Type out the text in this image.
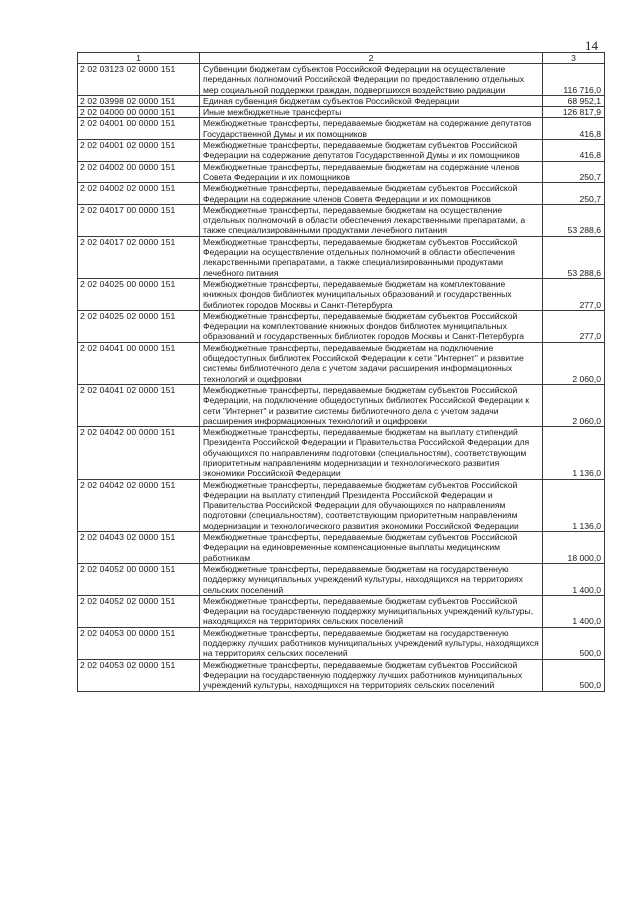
14
1	2	3
2 02 03123 02 0000 151	Субвенции бюджетам субъектов Российской Федерации на осуществление переданных полномочий Российской Федерации по предоставлению отдельных мер социальной поддержки граждан, подвергшихся воздействию радиации	116 716,0
2 02 03998 02 0000 151	Единая субвенция бюджетам субъектов Российской Федерации	68 952,1
2 02 04000 00 0000 151	Иные межбюджетные трансферты	126 817,9
2 02 04001 00 0000 151	Межбюджетные трансферты, передаваемые бюджетам на содержание депутатов Государственной Думы и их помощников	416,8
2 02 04001 02 0000 151	Межбюджетные трансферты, передаваемые бюджетам субъектов Российской Федерации на содержание депутатов Государственной Думы и их помощников	416,8
2 02 04002 00 0000 151	Межбюджетные трансферты, передаваемые бюджетам на содержание членов Совета Федерации и их помощников	250,7
2 02 04002 02 0000 151	Межбюджетные трансферты, передаваемые бюджетам субъектов Российской Федерации на содержание членов Совета Федерации и их помощников	250,7
2 02 04017 00 0000 151	Межбюджетные трансферты, передаваемые бюджетам на осуществление отдельных полномочий в области обеспечения лекарственными препаратами, а также специализированными продуктами лечебного питания	53 288,6
2 02 04017 02 0000 151	Межбюджетные трансферты, передаваемые бюджетам субъектов Российской Федерации на осуществление отдельных полномочий в области обеспечения лекарственными препаратами, а также специализированными продуктами лечебного питания	53 288,6
2 02 04025 00 0000 151	Межбюджетные трансферты, передаваемые бюджетам на комплектование книжных фондов библиотек муниципальных образований и государственных библиотек городов Москвы и Санкт-Петербурга	277,0
2 02 04025 02 0000 151	Межбюджетные трансферты, передаваемые бюджетам субъектов Российской Федерации на комплектование книжных фондов библиотек муниципальных образований и государственных библиотек городов Москвы и Санкт-Петербурга	277,0
2 02 04041 00 0000 151	Межбюджетные трансферты, передаваемые бюджетам на подключение общедоступных библиотек Российской Федерации к сети "Интернет" и развитие системы библиотечного дела с учетом задачи расширения информационных технологий и оцифровки	2 060,0
2 02 04041 02 0000 151	Межбюджетные трансферты, передаваемые бюджетам субъектов Российской Федерации, на подключение общедоступных библиотек Российской Федерации к сети "Интернет" и развитие системы библиотечного дела с учетом задачи расширения информационных технологий и оцифровки	2 060,0
2 02 04042 00 0000 151	Межбюджетные трансферты, передаваемые бюджетам на выплату стипендий Президента Российской Федерации и Правительства Российской Федерации для обучающихся по направлениям подготовки (специальностям), соответствующим приоритетным направлениям модернизации и технологического развития экономики Российской Федерации	1 136,0
2 02 04042 02 0000 151	Межбюджетные трансферты, передаваемые бюджетам субъектов Российской Федерации на выплату стипендий Президента Российской Федерации и Правительства Российской Федерации для обучающихся по направлениям подготовки (специальностям), соответствующим приоритетным направлениям модернизации и технологического развития экономики Российской Федерации	1 136,0
2 02 04043 02 0000 151	Межбюджетные трансферты, передаваемые бюджетам субъектов Российской Федерации на единовременные компенсационные выплаты медицинским работникам	18 000,0
2 02 04052 00 0000 151	Межбюджетные трансферты, передаваемые бюджетам на государственную поддержку муниципальных учреждений культуры, находящихся на территориях сельских поселений	1 400,0
2 02 04052 02 0000 151	Межбюджетные трансферты, передаваемые бюджетам субъектов Российской Федерации на государственную поддержку муниципальных учреждений культуры, находящихся на территориях сельских поселений	1 400,0
2 02 04053 00 0000 151	Межбюджетные трансферты, передаваемые бюджетам на государственную поддержку лучших работников муниципальных учреждений культуры, находящихся на территориях сельских поселений	500,0
2 02 04053 02 0000 151	Межбюджетные трансферты, передаваемые бюджетам субъектов Российской Федерации на государственную поддержку лучших работников муниципальных учреждений культуры, находящихся на территориях сельских поселений	500,0
